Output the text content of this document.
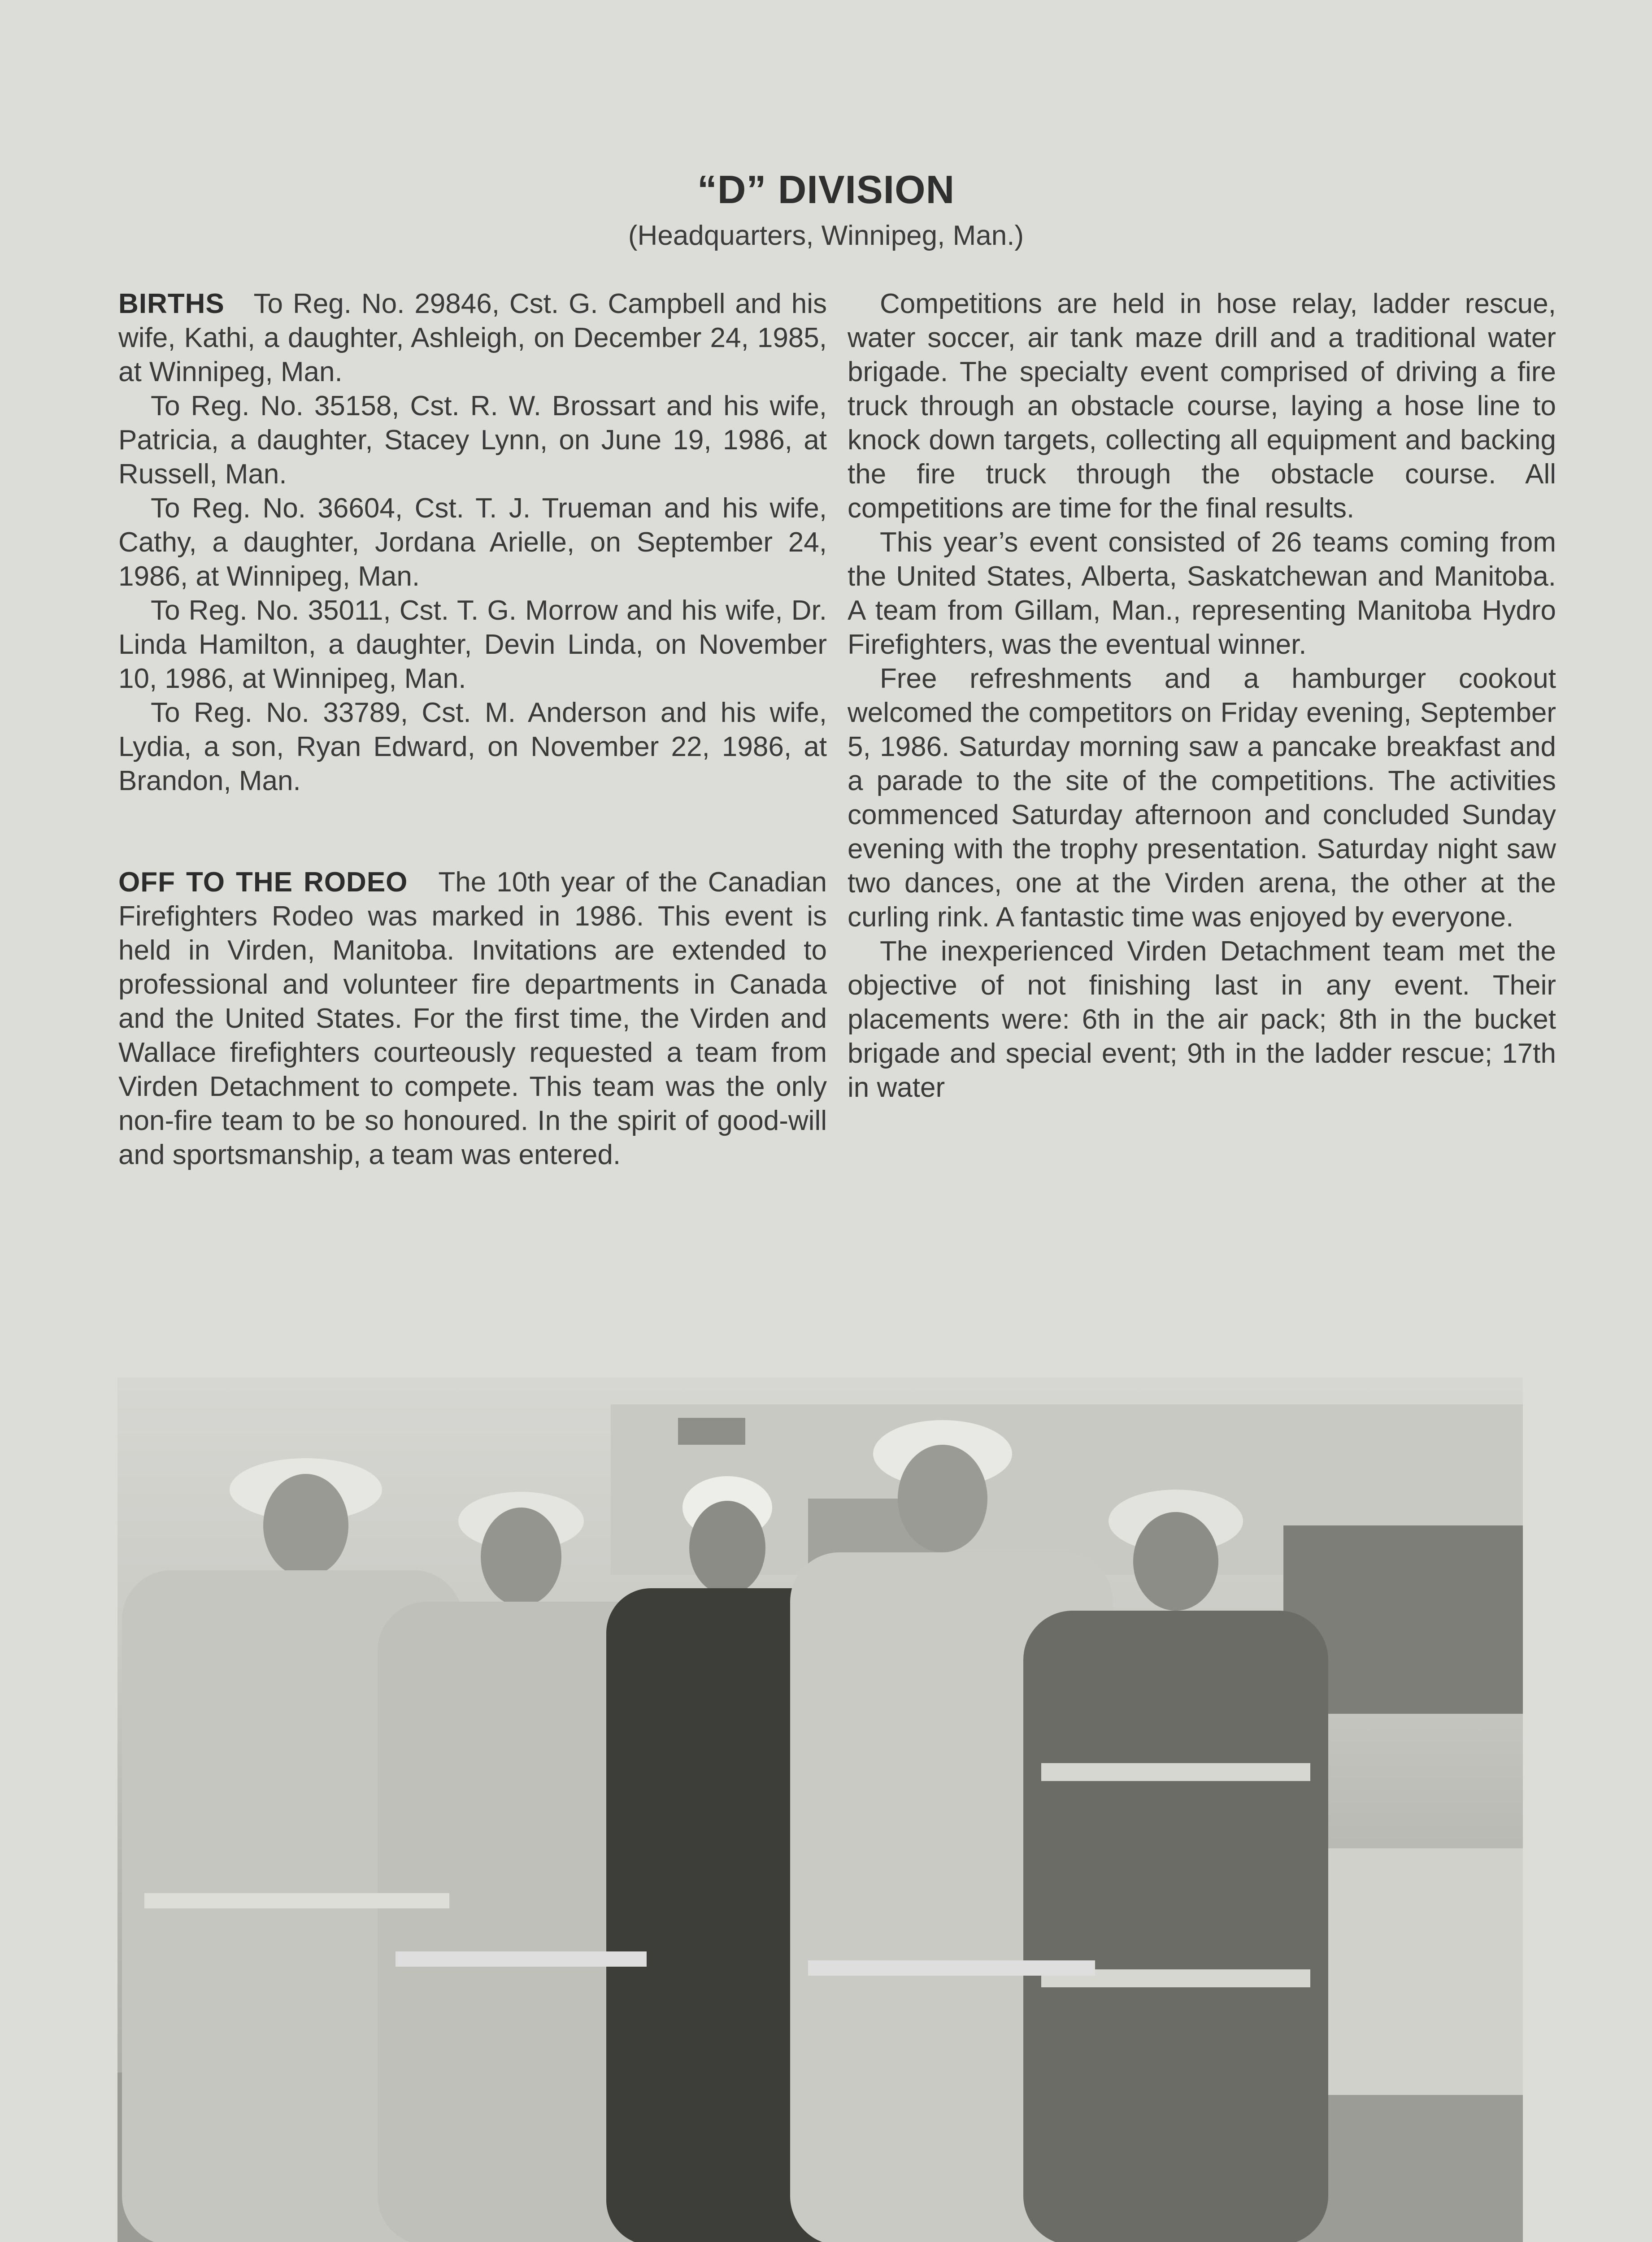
“D” DIVISION
(Headquarters, Winnipeg, Man.)

BIRTHS To Reg. No. 29846, Cst. G. Campbell and his wife, Kathi, a daughter, Ashleigh, on December 24, 1985, at Winnipeg, Man.

To Reg. No. 35158, Cst. R. W. Brossart and his wife, Patricia, a daughter, Stacey Lynn, on June 19, 1986, at Russell, Man.

To Reg. No. 36604, Cst. T. J. Trueman and his wife, Cathy, a daughter, Jordana Arielle, on September 24, 1986, at Winnipeg, Man.

To Reg. No. 35011, Cst. T. G. Morrow and his wife, Dr. Linda Hamilton, a daughter, Devin Linda, on November 10, 1986, at Winnipeg, Man.

To Reg. No. 33789, Cst. M. Anderson and his wife, Lydia, a son, Ryan Edward, on November 22, 1986, at Brandon, Man.

OFF TO THE RODEO The 10th year of the Canadian Firefighters Rodeo was marked in 1986. This event is held in Virden, Manitoba. Invitations are extended to professional and volunteer fire departments in Canada and the United States. For the first time, the Virden and Wallace firefighters courteously requested a team from Virden Detachment to compete. This team was the only non-fire team to be so honoured. In the spirit of good-will and sportsmanship, a team was entered.

Competitions are held in hose relay, ladder rescue, water soccer, air tank maze drill and a traditional water brigade. The specialty event comprised of driving a fire truck through an obstacle course, laying a hose line to knock down targets, collecting all equipment and backing the fire truck through the obstacle course. All competitions are time for the final results.

This year’s event consisted of 26 teams coming from the United States, Alberta, Saskatchewan and Manitoba. A team from Gillam, Man., representing Manitoba Hydro Firefighters, was the eventual winner.

Free refreshments and a hamburger cookout welcomed the competitors on Friday evening, September 5, 1986. Saturday morning saw a pancake breakfast and a parade to the site of the competitions. The activities commenced Saturday afternoon and concluded Sunday evening with the trophy presentation. Saturday night saw two dances, one at the Virden arena, the other at the curling rink. A fantastic time was enjoyed by everyone.

The inexperienced Virden Detachment team met the objective of not finishing last in any event. Their placements were: 6th in the air pack; 8th in the bucket brigade and special event; 9th in the ladder rescue; 17th in water
